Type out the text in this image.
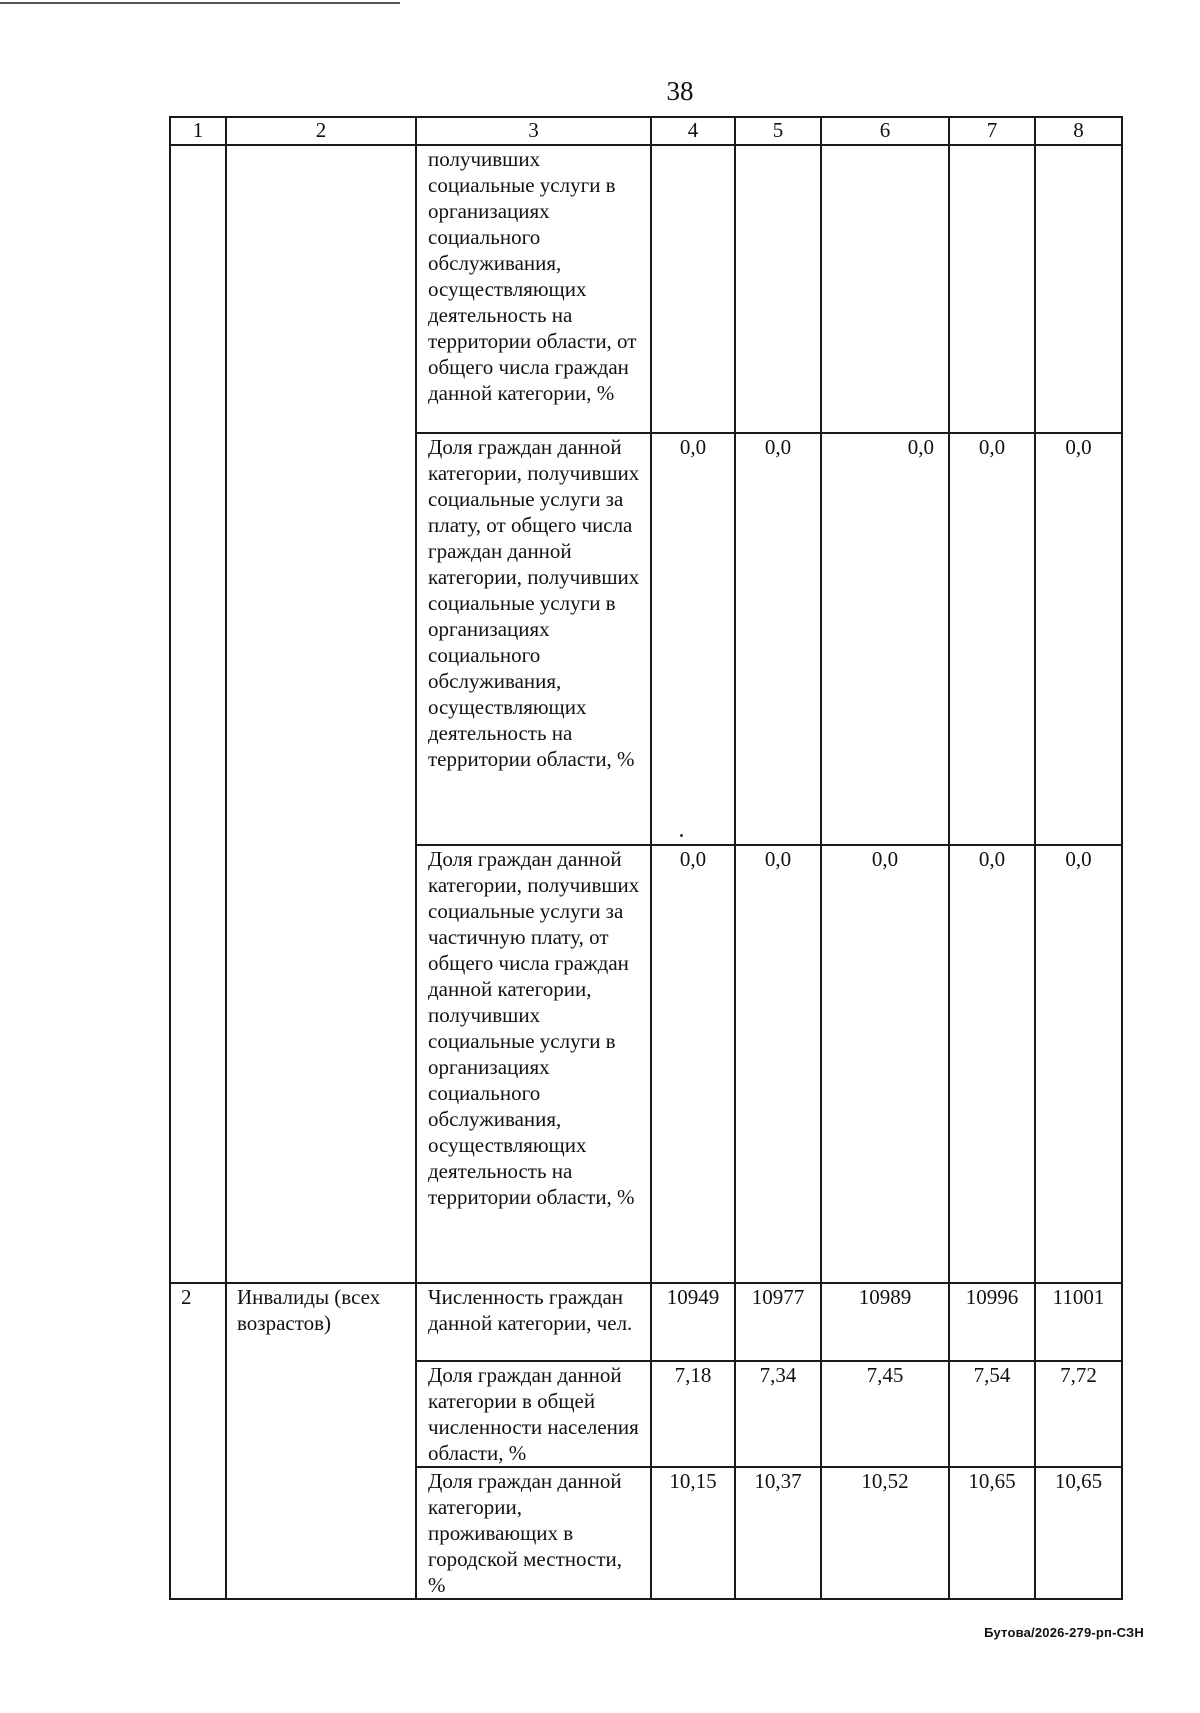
38
1	2	3	4	5	6	7	8
		получивших социальные услуги в организациях социального обслуживания, осуществляющих деятельность на территории области, от общего числа граждан данной категории, %					
		Доля граждан данной категории, получивших социальные услуги за плату, от общего числа граждан данной категории, получивших социальные услуги в организациях социального обслуживания, осуществляющих деятельность на территории области, %	0,0	0,0	0,0	0,0	0,0
		Доля граждан данной категории, получивших социальные услуги за частичную плату, от общего числа граждан данной категории, получивших социальные услуги в организациях социального обслуживания, осуществляющих деятельность на территории области, %	0,0	0,0	0,0	0,0	0,0
2	Инвалиды (всех возрастов)	Численность граждан данной категории, чел.	10949	10977	10989	10996	11001
		Доля граждан данной категории в общей численности населения области, %	7,18	7,34	7,45	7,54	7,72
		Доля граждан данной категории, проживающих в городской местности, %	10,15	10,37	10,52	10,65	10,65
Бутова/2026-279-рп-СЗН
